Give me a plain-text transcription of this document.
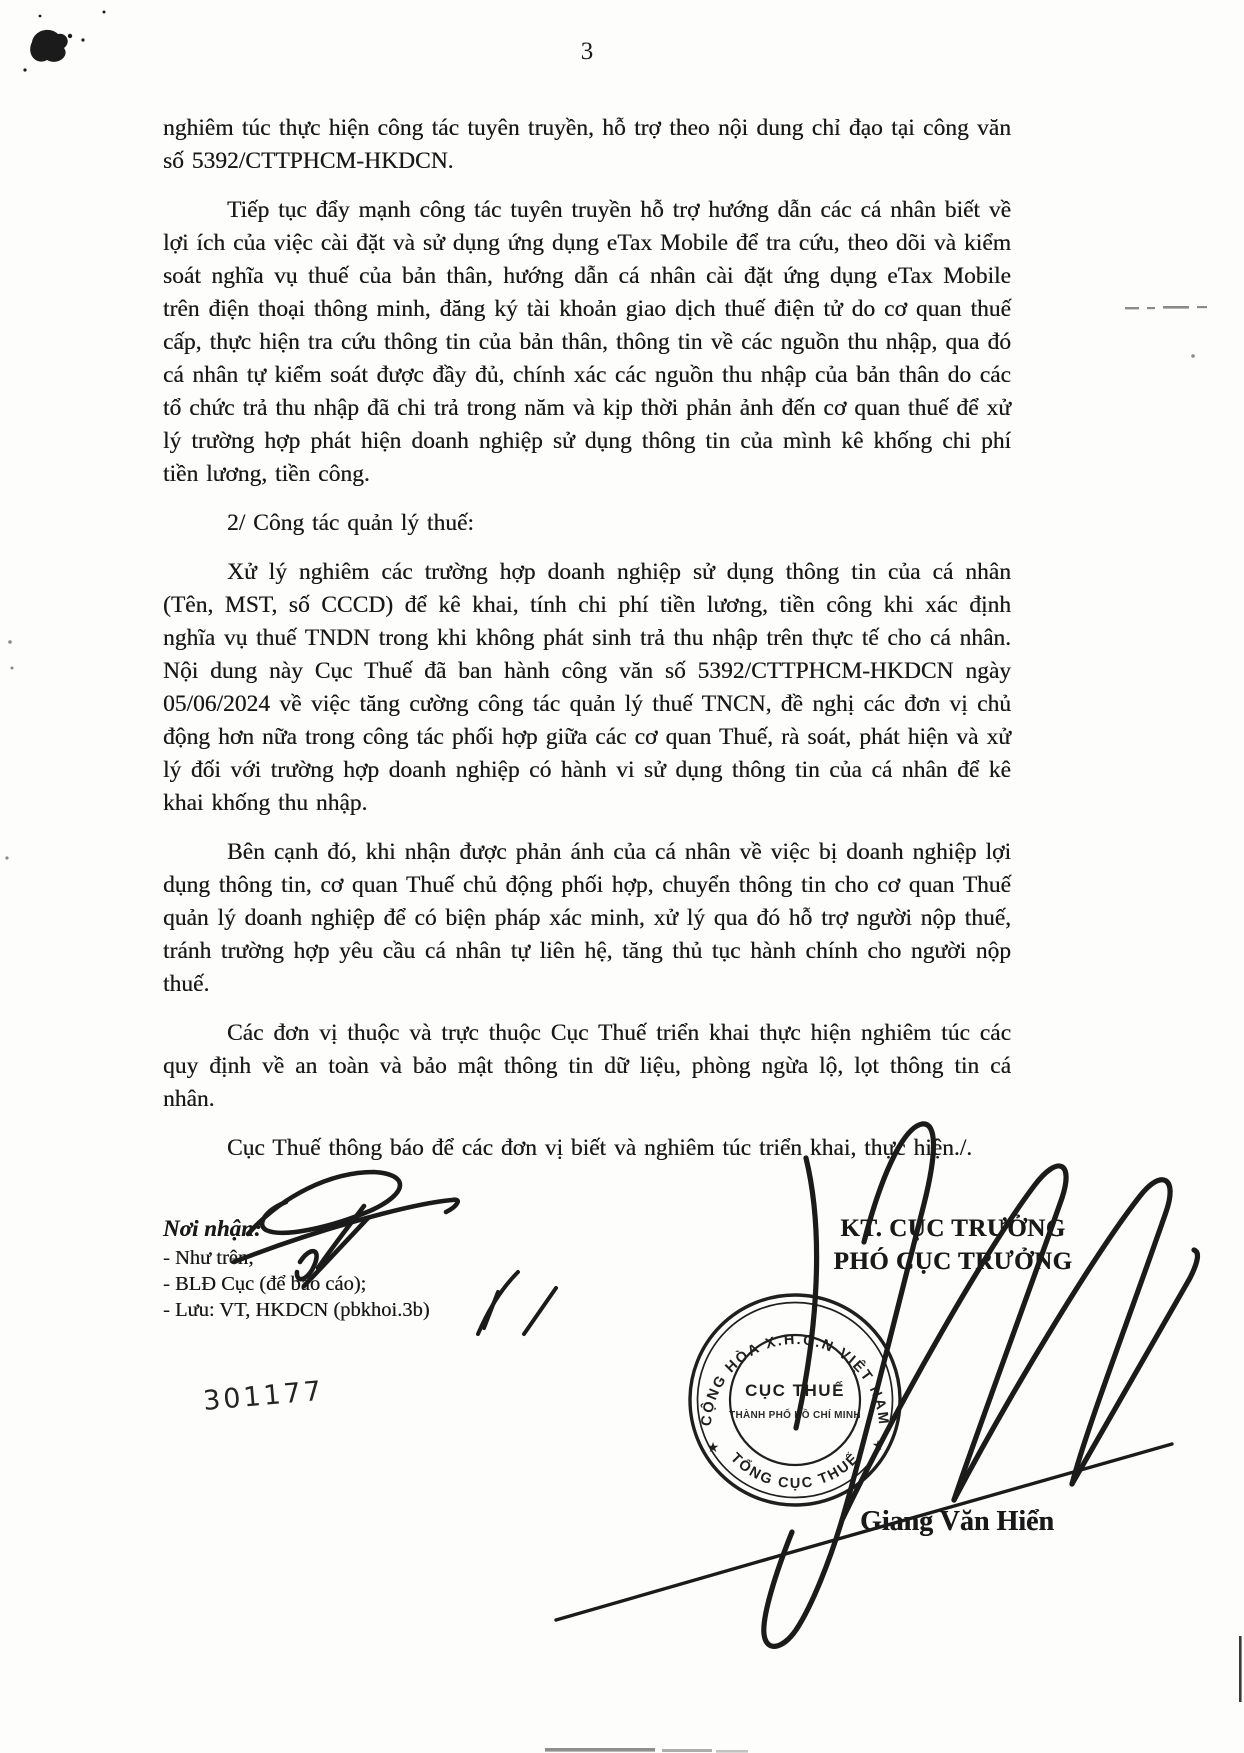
3

nghiêm túc thực hiện công tác tuyên truyền, hỗ trợ theo nội dung chỉ đạo tại công văn số 5392/CTTPHCM-HKDCN.

Tiếp tục đẩy mạnh công tác tuyên truyền hỗ trợ hướng dẫn các cá nhân biết về lợi ích của việc cài đặt và sử dụng ứng dụng eTax Mobile để tra cứu, theo dõi và kiểm soát nghĩa vụ thuế của bản thân, hướng dẫn cá nhân cài đặt ứng dụng eTax Mobile trên điện thoại thông minh, đăng ký tài khoản giao dịch thuế điện tử do cơ quan thuế cấp, thực hiện tra cứu thông tin của bản thân, thông tin về các nguồn thu nhập, qua đó cá nhân tự kiểm soát được đầy đủ, chính xác các nguồn thu nhập của bản thân do các tổ chức trả thu nhập đã chi trả trong năm và kịp thời phản ảnh đến cơ quan thuế để xử lý trường hợp phát hiện doanh nghiệp sử dụng thông tin của mình kê khống chi phí tiền lương, tiền công.

2/ Công tác quản lý thuế:

Xử lý nghiêm các trường hợp doanh nghiệp sử dụng thông tin của cá nhân (Tên, MST, số CCCD) để kê khai, tính chi phí tiền lương, tiền công khi xác định nghĩa vụ thuế TNDN trong khi không phát sinh trả thu nhập trên thực tế cho cá nhân. Nội dung này Cục Thuế đã ban hành công văn số 5392/CTTPHCM-HKDCN ngày 05/06/2024 về việc tăng cường công tác quản lý thuế TNCN, đề nghị các đơn vị chủ động hơn nữa trong công tác phối hợp giữa các cơ quan Thuế, rà soát, phát hiện và xử lý đối với trường hợp doanh nghiệp có hành vi sử dụng thông tin của cá nhân để kê khai khống thu nhập.

Bên cạnh đó, khi nhận được phản ánh của cá nhân về việc bị doanh nghiệp lợi dụng thông tin, cơ quan Thuế chủ động phối hợp, chuyển thông tin cho cơ quan Thuế quản lý doanh nghiệp để có biện pháp xác minh, xử lý qua đó hỗ trợ người nộp thuế, tránh trường hợp yêu cầu cá nhân tự liên hệ, tăng thủ tục hành chính cho người nộp thuế.

Các đơn vị thuộc và trực thuộc Cục Thuế triển khai thực hiện nghiêm túc các quy định về an toàn và bảo mật thông tin dữ liệu, phòng ngừa lộ, lọt thông tin cá nhân.

Cục Thuế thông báo để các đơn vị biết và nghiêm túc triển khai, thực hiện./.

Nơi nhận:
- Như trên;
- BLĐ Cục (để báo cáo);
- Lưu: VT, HKDCN (pbkhoi.3b)
KT. CỤC TRƯỞNG
PHÓ CỤC TRƯỞNG
Giang Văn Hiển
301177
CỘNG HÒA X.H.C.N VIỆT NAM
TỔNG CỤC THUẾ
★	★
CỤC THUẾ
THÀNH PHỐ HỒ CHÍ MINH
